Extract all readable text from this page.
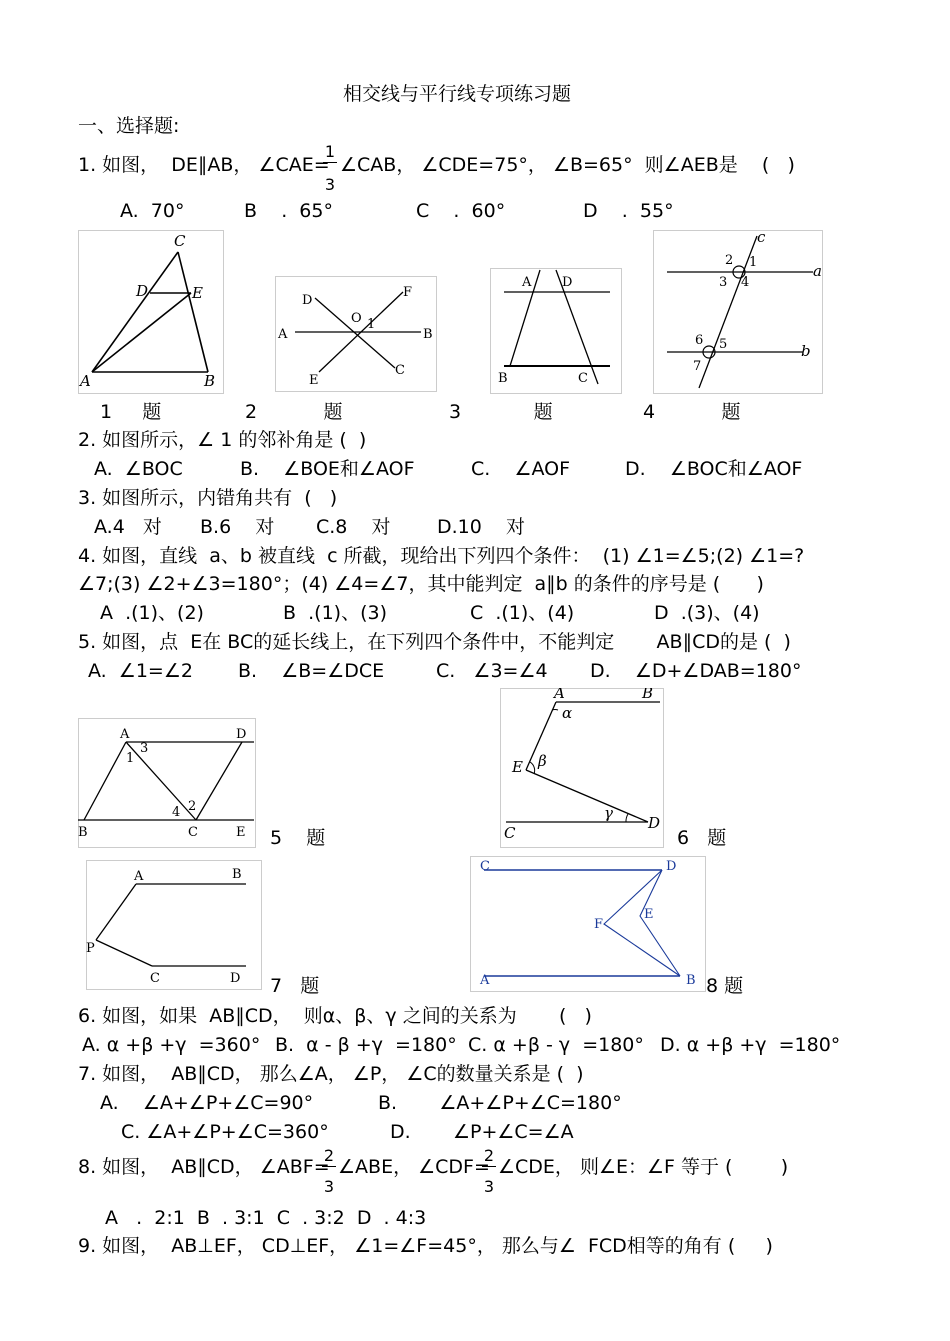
相交线与平行线专项练习题
一、选择题:
1. 如图，  DE∥AB， ∠CAE=
1
3
∠CAB， ∠CDE=75°， ∠B=65°  则∠AEB是    (   )
A.  70°	B    .  65°	C    .  60°	D    .  55°
C
D	E
A	B
D
F
O 1
A	B
E
C
A D
B	C
c
2 1
3 4
a
6 5
7
b
1     题	2           题	3            题	4           题
2. 如图所示，∠ 1 的邻补角是 (  )
A.  ∠BOC	B.    ∠BOE和∠AOF	C.    ∠AOF	D.    ∠BOC和∠AOF
3. 如图所示，内错角共有  (   )
A.4   对 B.6    对 C.8    对 D.10    对
4. 如图，直线  a、b 被直线  c 所截，现给出下列四个条件：  (1) ∠1=∠5;(2) ∠1=?
∠7;(3) ∠2+∠3=180°；(4) ∠4=∠7，其中能判定  a∥b 的条件的序号是 (      )
A  .(1)、(2)	B  .(1)、(3)	C  .(1)、(4)	D  .(3)、(4)
5. 如图，点  E在 BC的延长线上，在下列四个条件中，不能判定       AB∥CD的是 (  )
A.  ∠1=∠2 B.    ∠B=∠DCE	C.   ∠3=∠4 D.    ∠D+∠DAB=180°
A	D
3
1
2
4
B	C	E 5    题
A	B
α
E β
γ
C
D
6   题
A	B
P
C	D 7   题
C	D
F
E
A	B 8 题
6. 如图，如果  AB∥CD，  则α、β、γ 之间的关系为       (   )
A. α +β +γ  =360° B.  α - β +γ  =180° C. α +β - γ  =180° D. α +β +γ  =180°
7. 如图，  AB∥CD， 那么∠A， ∠P， ∠C的数量关系是 (  )
A.    ∠A+∠P+∠C=90°	B.       ∠A+∠P+∠C=180°
C. ∠A+∠P+∠C=360°	D.       ∠P+∠C=∠A
8. 如图，  AB∥CD， ∠ABF=
2
3
∠ABE， ∠CDF=
2
3
∠CDE， 则∠E：∠F 等于 (        )
A   .  2:1  B  . 3:1  C  . 3:2  D  . 4:3
9. 如图，  AB⊥EF， CD⊥EF， ∠1=∠F=45°， 那么与∠  FCD相等的角有 (     )
